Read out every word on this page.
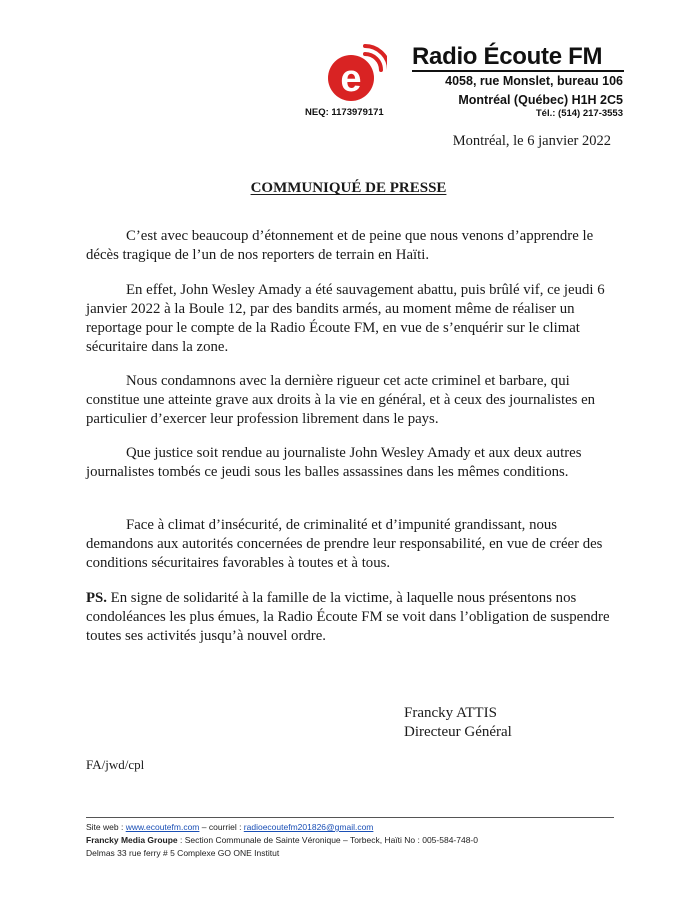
e
NEQ: 1173979171
Radio Écoute FM
4058, rue Monslet, bureau 106
Montréal (Québec) H1H 2C5
Tél.: (514) 217-3553
Montréal, le 6 janvier 2022
COMMUNIQUÉ DE PRESSE
C’est avec beaucoup d’étonnement et de peine que nous venons d’apprendre le décès tragique de l’un de nos reporters de terrain en Haïti.
En effet, John Wesley Amady a été sauvagement abattu, puis brûlé vif, ce jeudi 6 janvier 2022 à la Boule 12, par des bandits armés, au moment même de réaliser un reportage pour le compte de la Radio Écoute FM, en vue de s’enquérir sur le climat sécuritaire dans la zone.
Nous condamnons avec la dernière rigueur cet acte criminel et barbare, qui constitue une atteinte grave aux droits à la vie en général, et à ceux des journalistes en particulier d’exercer leur profession librement dans le pays.
Que justice soit rendue au journaliste John Wesley Amady et aux deux autres journalistes tombés ce jeudi sous les balles assassines dans les mêmes conditions.
Face à climat d’insécurité, de criminalité et d’impunité grandissant, nous demandons aux autorités concernées de prendre leur responsabilité, en vue de créer des conditions sécuritaires favorables à toutes et à tous.
PS. En signe de solidarité à la famille de la victime, à laquelle nous présentons nos condoléances les plus émues, la Radio Écoute FM se voit dans l’obligation de suspendre toutes ses activités jusqu’à nouvel ordre.
Francky ATTIS
Directeur Général
FA/jwd/cpl
Site web : www.ecoutefm.com – courriel : radioecoutefm201826@gmail.com
Francky Media Groupe : Section Communale de Sainte Véronique – Torbeck, Haïti No : 005-584-748-0
Delmas 33 rue ferry # 5 Complexe GO ONE Institut
